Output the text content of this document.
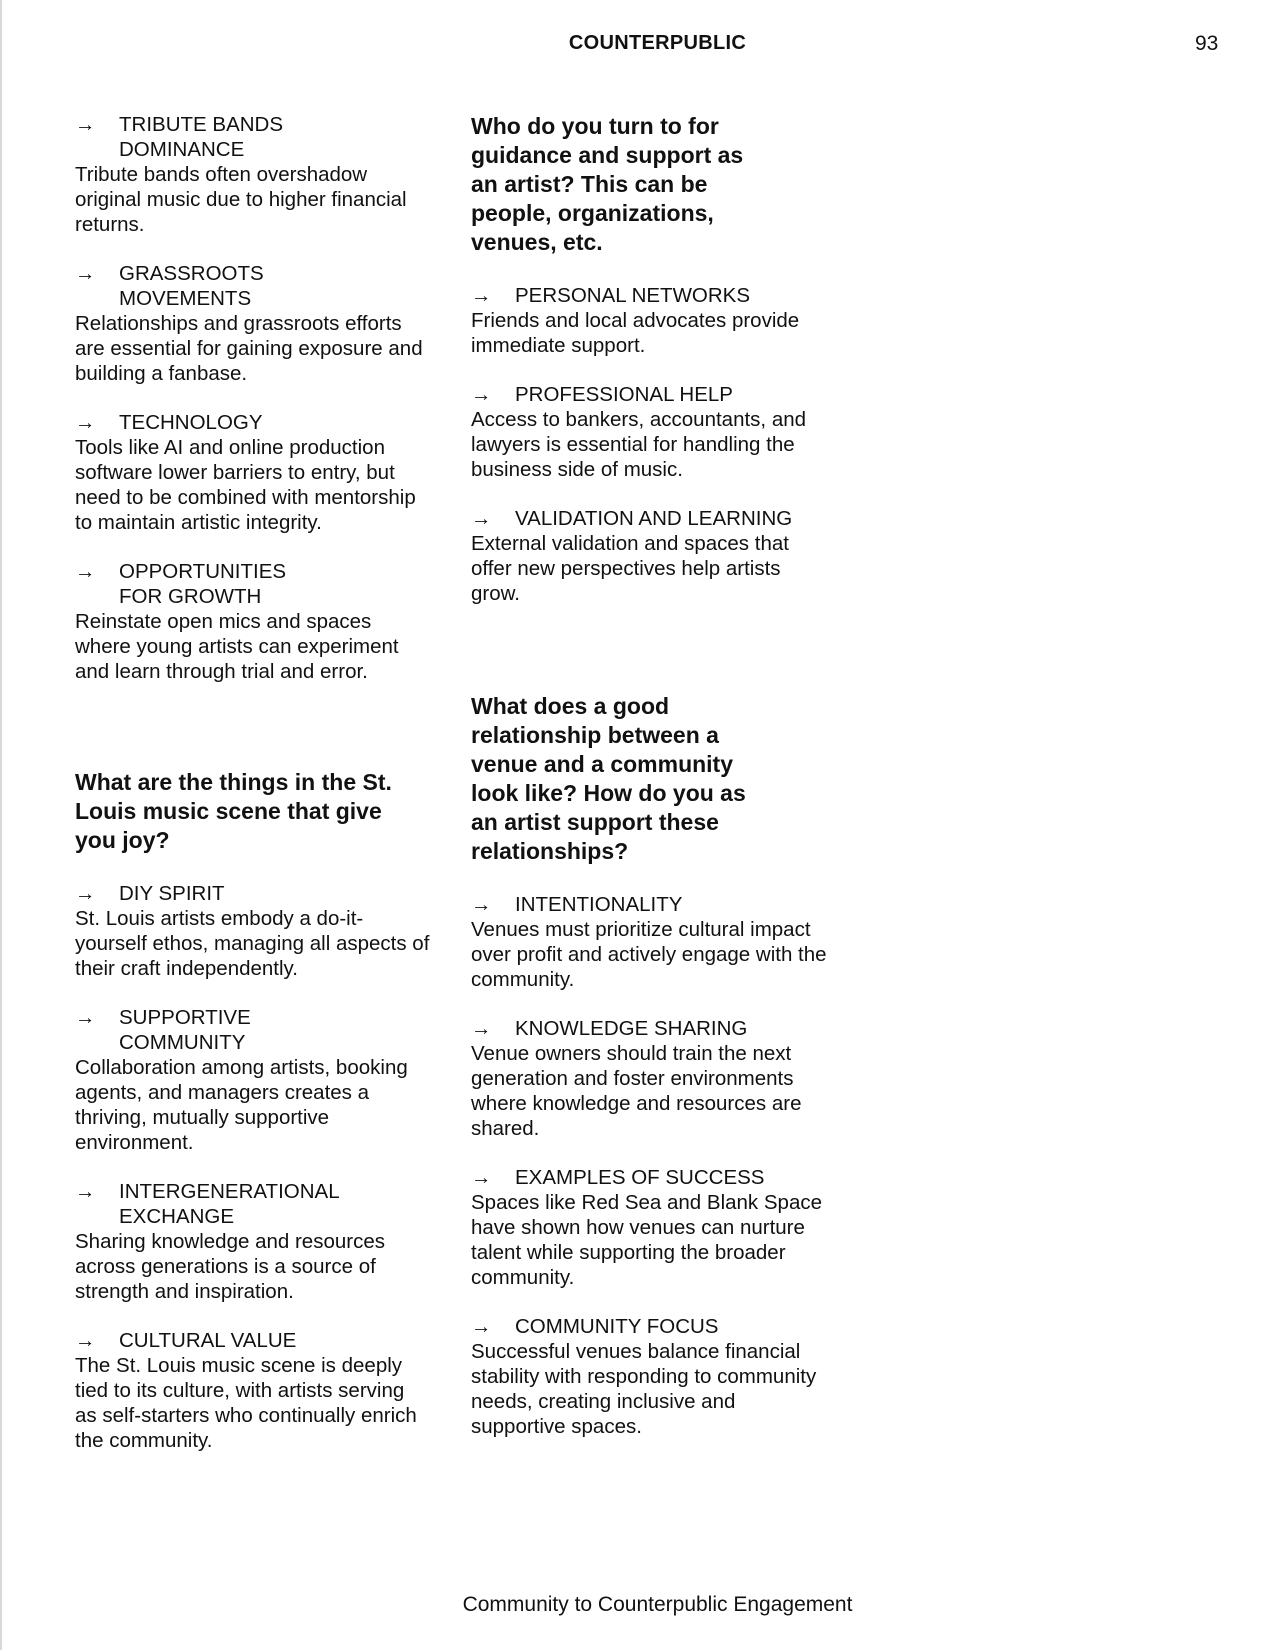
COUNTERPUBLIC	93
→	TRIBUTE BANDS DOMINANCE
Tribute bands often overshadow original music due to higher financial returns.
→	GRASSROOTS MOVEMENTS
Relationships and grassroots efforts are essential for gaining exposure and building a fanbase.
→	TECHNOLOGY
Tools like AI and online production software lower barriers to entry, but need to be combined with mentorship to maintain artistic integrity.
→	OPPORTUNITIES FOR GROWTH
Reinstate open mics and spaces where young artists can experiment and learn through trial and error.
What are the things in the St. Louis music scene that give you joy?
→	DIY SPIRIT
St. Louis artists embody a do-it-yourself ethos, managing all aspects of their craft independently.
→	SUPPORTIVE COMMUNITY
Collaboration among artists, booking agents, and managers creates a thriving, mutually supportive environment.
→	INTERGENERATIONAL EXCHANGE
Sharing knowledge and resources across generations is a source of strength and inspiration.
→	CULTURAL VALUE
The St. Louis music scene is deeply tied to its culture, with artists serving as self-starters who continually enrich the community.
Who do you turn to for guidance and support as an artist? This can be people, organizations, venues, etc.
→	PERSONAL NETWORKS
Friends and local advocates provide immediate support.
→	PROFESSIONAL HELP
Access to bankers, accountants, and lawyers is essential for handling the business side of music.
→	VALIDATION AND LEARNING
External validation and spaces that offer new perspectives help artists grow.
What does a good relationship between a venue and a community look like? How do you as an artist support these relationships?
→	INTENTIONALITY
Venues must prioritize cultural impact over profit and actively engage with the community.
→	KNOWLEDGE SHARING
Venue owners should train the next generation and foster environments where knowledge and resources are shared.
→	EXAMPLES OF SUCCESS
Spaces like Red Sea and Blank Space have shown how venues can nurture talent while supporting the broader community.
→	COMMUNITY FOCUS
Successful venues balance financial stability with responding to community needs, creating inclusive and supportive spaces.
Community to Counterpublic Engagement
